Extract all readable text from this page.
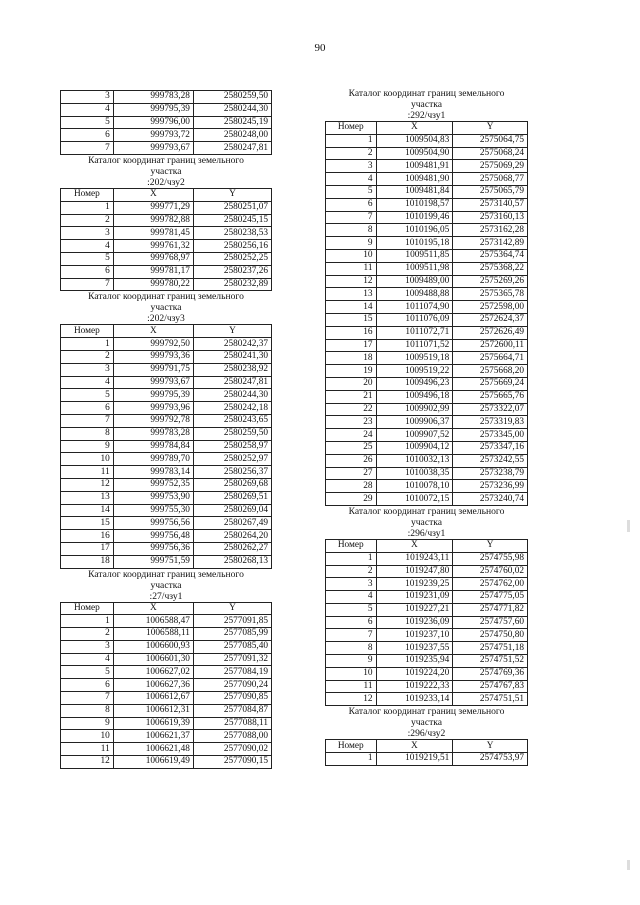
90
3	999783,28	2580259,50
4	999795,39	2580244,30
5	999796,00	2580245,19
6	999793,72	2580248,00
7	999793,67	2580247,81
Каталог координат границ земельного
участка
:202/чзу2
Номер	X	Y
1	999771,29	2580251,07
2	999782,88	2580245,15
3	999781,45	2580238,53
4	999761,32	2580256,16
5	999768,97	2580252,25
6	999781,17	2580237,26
7	999780,22	2580232,89
Каталог координат границ земельного
участка
:202/чзу3
Номер	X	Y
1	999792,50	2580242,37
2	999793,36	2580241,30
3	999791,75	2580238,92
4	999793,67	2580247,81
5	999795,39	2580244,30
6	999793,96	2580242,18
7	999792,78	2580243,65
8	999783,28	2580259,50
9	999784,84	2580258,97
10	999789,70	2580252,97
11	999783,14	2580256,37
12	999752,35	2580269,68
13	999753,90	2580269,51
14	999755,30	2580269,04
15	999756,56	2580267,49
16	999756,48	2580264,20
17	999756,36	2580262,27
18	999751,59	2580268,13
Каталог координат границ земельного
участка
:27/чзу1
Номер	X	Y
1	1006588,47	2577091,85
2	1006588,11	2577085,99
3	1006600,93	2577085,40
4	1006601,30	2577091,32
5	1006627,02	2577084,19
6	1006627,36	2577090,24
7	1006612,67	2577090,85
8	1006612,31	2577084,87
9	1006619,39	2577088,11
10	1006621,37	2577088,00
11	1006621,48	2577090,02
12	1006619,49	2577090,15
Каталог координат границ земельного
участка
:292/чзу1
Номер	X	Y
1	1009504,83	2575064,75
2	1009504,90	2575068,24
3	1009481,91	2575069,29
4	1009481,90	2575068,77
5	1009481,84	2575065,79
6	1010198,57	2573140,57
7	1010199,46	2573160,13
8	1010196,05	2573162,28
9	1010195,18	2573142,89
10	1009511,85	2575364,74
11	1009511,98	2575368,22
12	1009489,00	2575269,26
13	1009488,88	2575365,78
14	1011074,90	2572598,00
15	1011076,09	2572624,37
16	1011072,71	2572626,49
17	1011071,52	2572600,11
18	1009519,18	2575664,71
19	1009519,22	2575668,20
20	1009496,23	2575669,24
21	1009496,18	2575665,76
22	1009902,99	2573322,07
23	1009906,37	2573319,83
24	1009907,52	2573345,00
25	1009904,12	2573347,16
26	1010032,13	2573242,55
27	1010038,35	2573238,79
28	1010078,10	2573236,99
29	1010072,15	2573240,74
Каталог координат границ земельного
участка
:296/чзу1
Номер	X	Y
1	1019243,11	2574755,98
2	1019247,80	2574760,02
3	1019239,25	2574762,00
4	1019231,09	2574775,05
5	1019227,21	2574771,82
6	1019236,09	2574757,60
7	1019237,10	2574750,80
8	1019237,55	2574751,18
9	1019235,94	2574751,52
10	1019224,20	2574769,36
11	1019222,33	2574767,83
12	1019233,14	2574751,51
Каталог координат границ земельного
участка
:296/чзу2
Номер	X	Y
1	1019219,51	2574753,97
